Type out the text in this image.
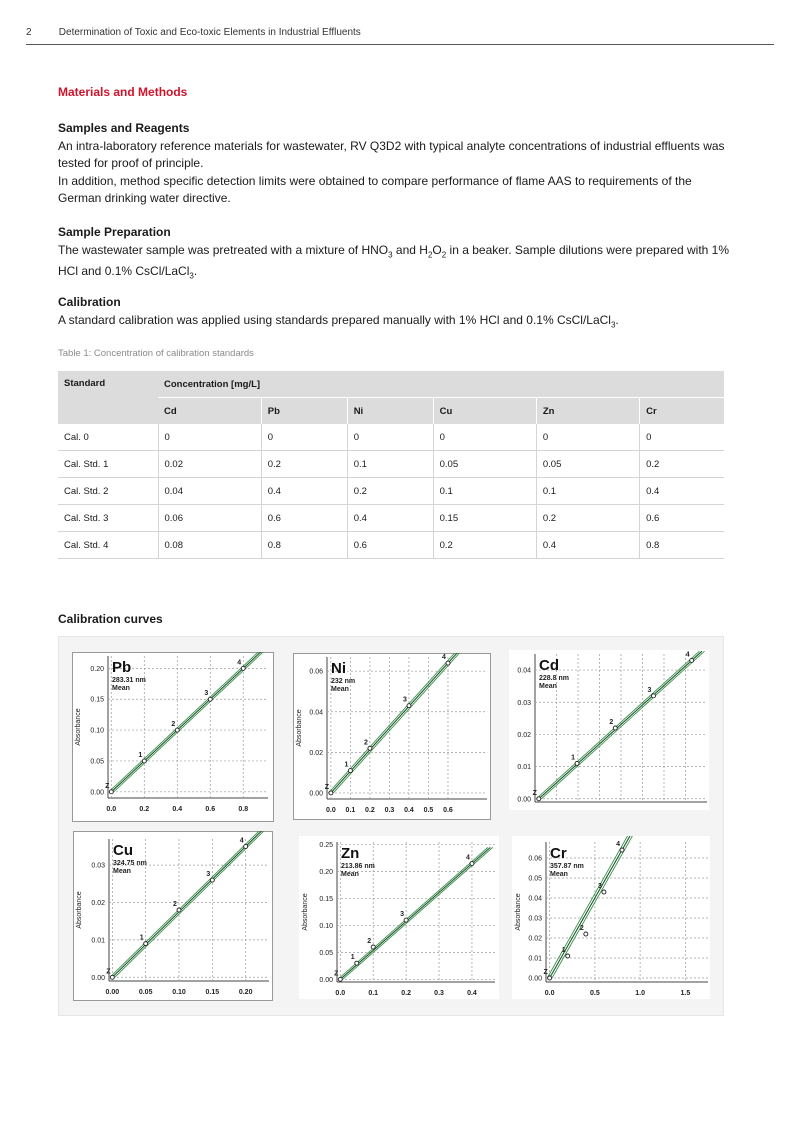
2	Determination of Toxic and Eco-toxic Elements in Industrial Effluents
Materials and Methods
Samples and Reagents
An intra-laboratory reference materials for wastewater, RV Q3D2 with typical analyte concentrations of industrial effluents was tested for proof of principle.
In addition, method specific detection limits were obtained to compare performance of flame AAS to requirements of the German drinking water directive.
Sample Preparation
The wastewater sample was pretreated with a mixture of $HNO_3$ and $H_2O_2$ in a beaker. Sample dilutions were prepared with 1% HCl and 0.1% CsCl/LaCl$_3$.
Calibration
A standard calibration was applied using standards prepared manually with 1% HCl and 0.1% CsCl/LaCl$_3$.
Table 1: Concentration of calibration standards
Standard	Concentration [mg/L]					
	Cd	Pb	Ni	Cu	Zn	Cr
Cal. 0	0	0	0	0	0	0
Cal. Std. 1	0.02	0.2	0.1	0.05	0.05	0.2
Cal. Std. 2	0.04	0.4	0.2	0.1	0.1	0.4
Cal. Std. 3	0.06	0.6	0.4	0.15	0.2	0.6
Cal. Std. 4	0.08	0.8	0.6	0.2	0.4	0.8
Calibration curves
0.00
0.05
0.10
0.15
0.20
0.0	0.2	0.4	0.6	0.8
Absorbance
Z
1
2
3
4
Pb
283.31 nm
Mean
0.00
0.02
0.04
0.06
0.0 0.1 0.2 0.3 0.4 0.5 0.6
Absorbance
Z
1
2
3
4
Ni
232 nm
Mean
0.00
0.01
0.02
0.03
0.04
Z
1
2
3
4
Cd
228.8 nm
Mean
0.00
0.01
0.02
0.03
0.00	0.05	0.10	0.15	0.20
Absorbance
Z
1
2
3
4
Cu
324.75 nm
Mean
0.00
0.05
0.10
0.15
0.20
0.25
0.0	0.1	0.2	0.3	0.4
Absorbance
Z
1
2
3
4
Zn
213.86 nm
Mean
0.00
0.01
0.02
0.03
0.04
0.05
0.06
0.0	0.5	1.0	1.5
Absorbance
Z
1
2
3
4
Cr
357.87 nm
Mean
